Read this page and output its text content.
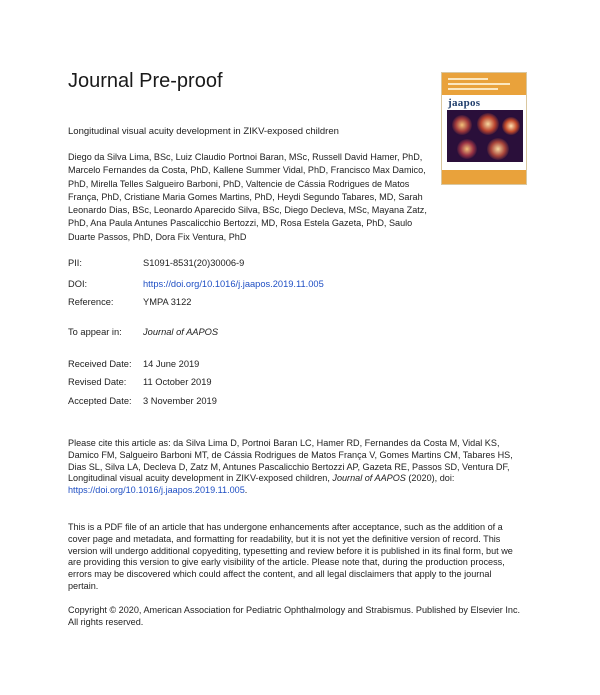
Journal Pre-proof
jaapos
Longitudinal visual acuity development in ZIKV-exposed children
Diego da Silva Lima, BSc, Luiz Claudio Portnoi Baran, MSc, Russell David Hamer, PhD, Marcelo Fernandes da Costa, PhD, Kallene Summer Vidal, PhD, Francisco Max Damico, PhD, Mirella Telles Salgueiro Barboni, PhD, Valtencie de Cássia Rodrigues de Matos França, PhD, Cristiane Maria Gomes Martins, PhD, Heydi Segundo Tabares, MD, Sarah Leonardo Dias, BSc, Leonardo Aparecido Silva, BSc, Diego Decleva, MSc, Mayana Zatz, PhD, Ana Paula Antunes Pascalicchio Bertozzi, MD, Rosa Estela Gazeta, PhD, Saulo Duarte Passos, PhD, Dora Fix Ventura, PhD
PII:	S1091-8531(20)30006-9
DOI:	https://doi.org/10.1016/j.jaapos.2019.11.005
Reference:	YMPA 3122
To appear in: Journal of AAPOS
Received Date: 14 June 2019
Revised Date: 11 October 2019
Accepted Date: 3 November 2019

Please cite this article as: da Silva Lima D, Portnoi Baran LC, Hamer RD, Fernandes da Costa M, Vidal KS, Damico FM, Salgueiro Barboni MT, de Cássia Rodrigues de Matos França V, Gomes Martins CM, Tabares HS, Dias SL, Silva LA, Decleva D, Zatz M, Antunes Pascalicchio Bertozzi AP, Gazeta RE, Passos SD, Ventura DF, Longitudinal visual acuity development in ZIKV-exposed children, Journal of AAPOS (2020), doi: https://doi.org/10.1016/j.jaapos.2019.11.005.

This is a PDF file of an article that has undergone enhancements after acceptance, such as the addition of a cover page and metadata, and formatting for readability, but it is not yet the definitive version of record. This version will undergo additional copyediting, typesetting and review before it is published in its final form, but we are providing this version to give early visibility of the article. Please note that, during the production process, errors may be discovered which could affect the content, and all legal disclaimers that apply to the journal pertain.

Copyright © 2020, American Association for Pediatric Ophthalmology and Strabismus. Published by Elsevier Inc. All rights reserved.
